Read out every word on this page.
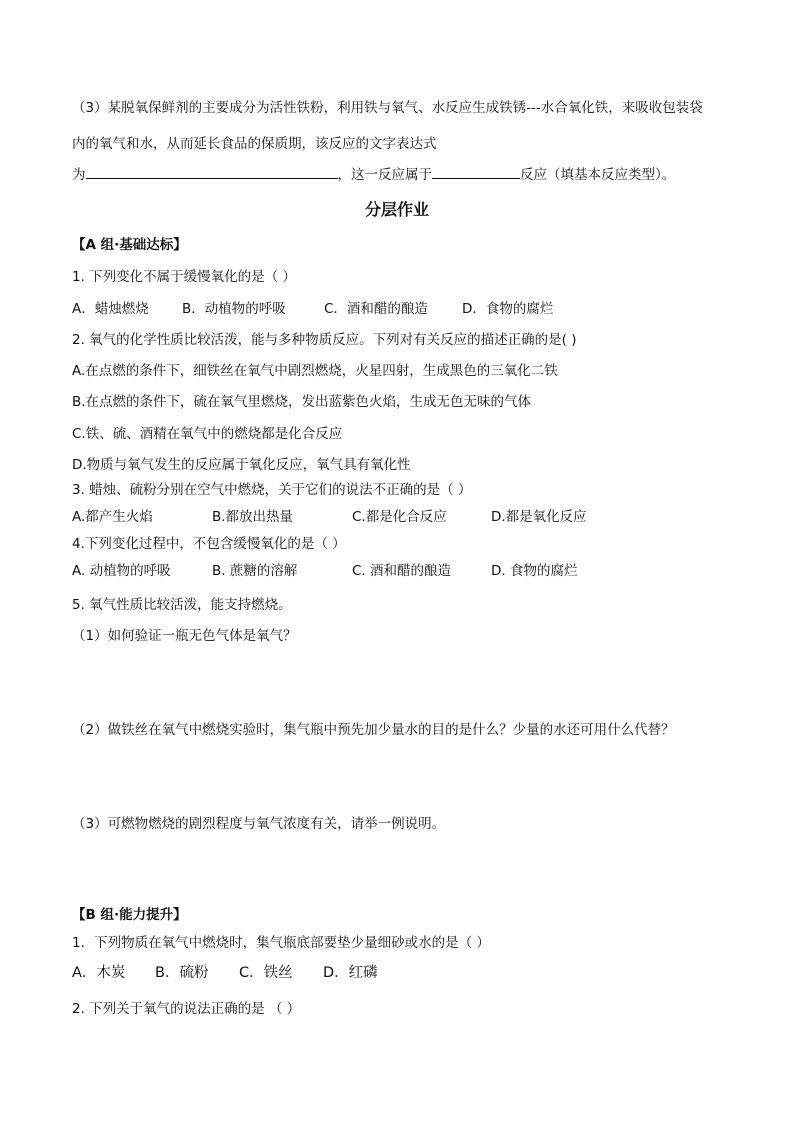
（3）某脱氧保鲜剂的主要成分为活性铁粉，利用铁与氧气、水反应生成铁锈---水合氧化铁，来吸收包装袋
内的氧气和水，从而延长食品的保质期，该反应的文字表达式
为	，这一反应属于	反应（填基本反应类型）。
分层作业
【A 组·基础达标】
1. 下列变化不属于缓慢氧化的是（ ）
A．蜡烛燃烧 B．动植物的呼吸	C．酒和醋的酿造	D．食物的腐烂
2. 氧气的化学性质比较活泼，能与多种物质反应。下列对有关反应的描述正确的是( )
A.在点燃的条件下，细铁丝在氧气中剧烈燃烧，火星四射，生成黑色的三氧化二铁
B.在点燃的条件下，硫在氧气里燃烧，发出蓝紫色火焰，生成无色无味的气体
C.铁、硫、酒精在氧气中的燃烧都是化合反应
D.物质与氧气发生的反应属于氧化反应，氧气具有氧化性
3. 蜡烛、硫粉分别在空气中燃烧，关于它们的说法不正确的是（ ）
A.都产生火焰	B.都放出热量	C.都是化合反应	D.都是氧化反应
4.下列变化过程中，不包含缓慢氧化的是（ ）
A. 动植物的呼吸	B. 蔗糖的溶解	C. 酒和醋的酿造	D. 食物的腐烂
5. 氧气性质比较活泼，能支持燃烧。
（1）如何验证一瓶无色气体是氧气？
（2）做铁丝在氧气中燃烧实验时，集气瓶中预先加少量水的目的是什么？少量的水还可用什么代替？
（3）可燃物燃烧的剧烈程度与氧气浓度有关，请举一例说明。
【B 组·能力提升】
1．下列物质在氧气中燃烧时，集气瓶底部要垫少量细砂或水的是（ ）
A．木炭 B．硫粉 C．铁丝 D．红磷
2. 下列关于氧气的说法正确的是 （ ）
